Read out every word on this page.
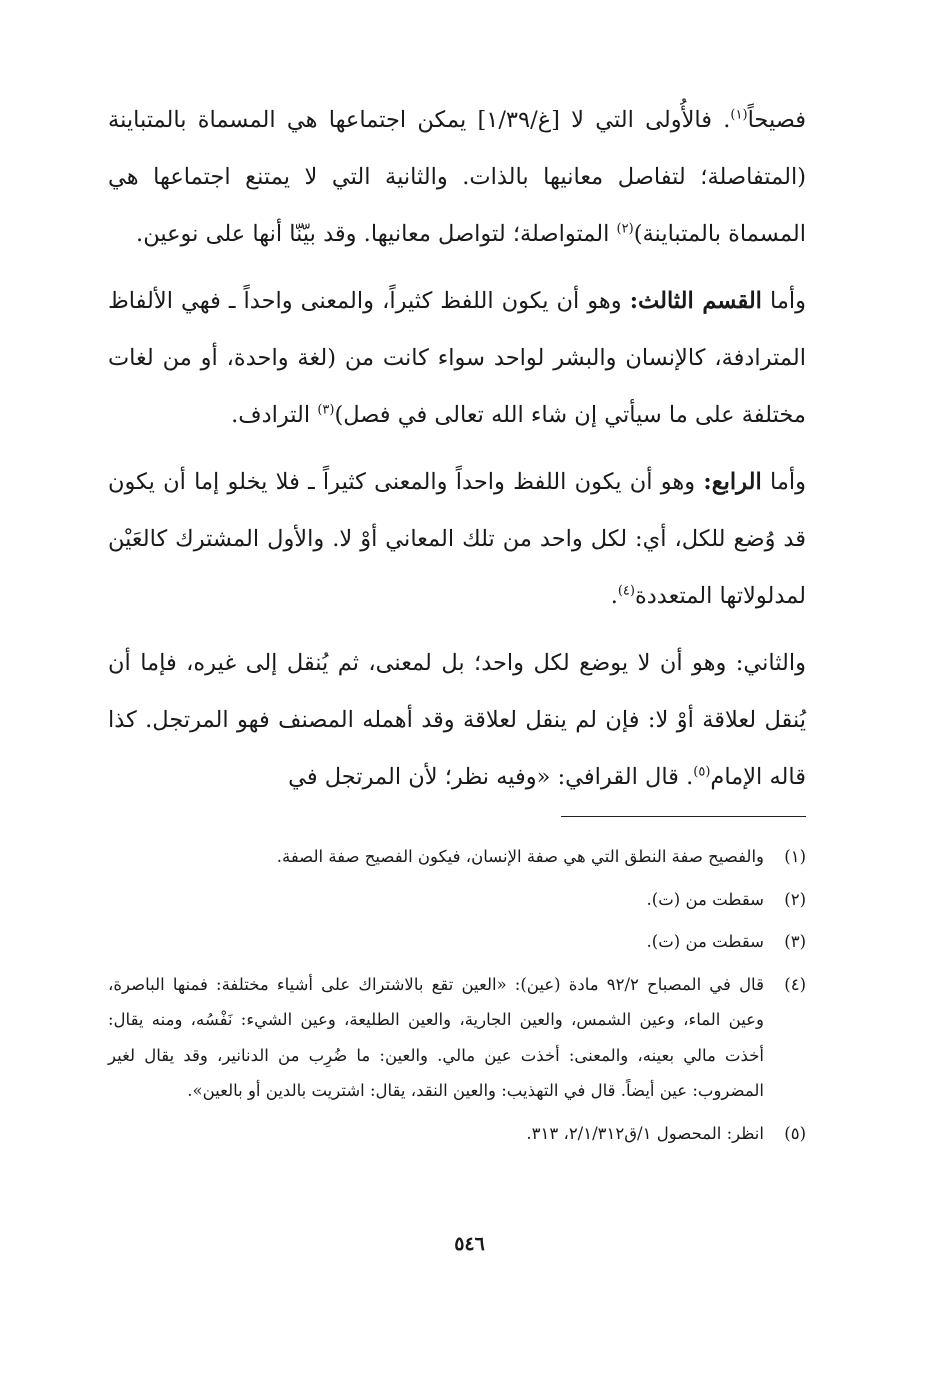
فصيحاً$^{(١)}$. فالأُولى التي لا [غ/١/٣٩] يمكن اجتماعها هي المسماة بالمتباينة (المتفاصلة؛ لتفاصل معانيها بالذات. والثانية التي لا يمتنع اجتماعها هي المسماة بالمتباينة)$^{(٢)}$ المتواصلة؛ لتواصل معانيها. وقد بيّنّا أنها على نوعين.

وأما القسم الثالث: وهو أن يكون اللفظ كثيراً، والمعنى واحداً ـ فهي الألفاظ المترادفة، كالإنسان والبشر لواحد سواء كانت من (لغة واحدة، أو من لغات مختلفة على ما سيأتي إن شاء الله تعالى في فصل)$^{(٣)}$ الترادف.

وأما الرابع: وهو أن يكون اللفظ واحداً والمعنى كثيراً ـ فلا يخلو إما أن يكون قد وُضع للكل، أي: لكل واحد من تلك المعاني أوْ لا. والأول المشترك كالعَيْن لمدلولاتها المتعددة$^{(٤)}$.

والثاني: وهو أن لا يوضع لكل واحد؛ بل لمعنى، ثم يُنقل إلى غيره، فإما أن يُنقل لعلاقة أوْ لا: فإن لم ينقل لعلاقة وقد أهمله المصنف فهو المرتجل. كذا قاله الإمام$^{(٥)}$. قال القرافي: «وفيه نظر؛ لأن المرتجل في

(١)
والفصيح صفة النطق التي هي صفة الإنسان، فيكون الفصيح صفة الصفة.
(٢)
سقطت من (ت).
(٣)
سقطت من (ت).
(٤)
قال في المصباح ٩٢/٢ مادة (عين): «العين تقع بالاشتراك على أشياء مختلفة: فمنها الباصرة، وعين الماء، وعين الشمس، والعين الجارية، والعين الطليعة، وعين الشيء: نَفْسُه، ومنه يقال: أخذت مالي بعينه، والمعنى: أخذت عين مالي. والعين: ما ضُرِب من الدنانير، وقد يقال لغير المضروب: عين أيضاً. قال في التهذيب: والعين النقد، يقال: اشتريت بالدين أو بالعين».
(٥)
انظر: المحصول ١/ق٢/١/٣١٢، ٣١٣.
٥٤٦
